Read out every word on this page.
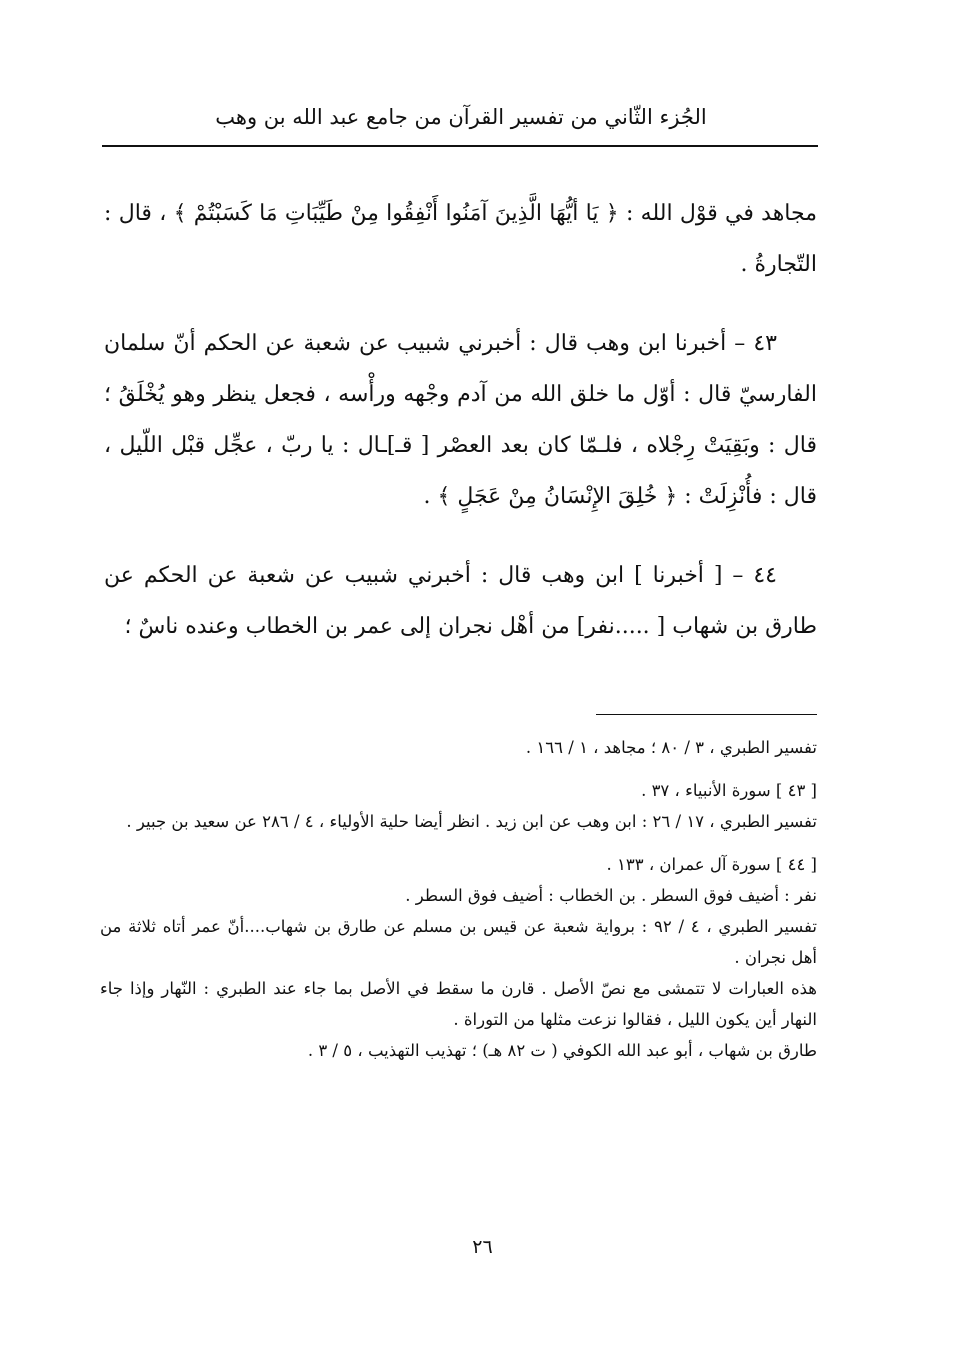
الجُزء الثّاني من تفسير القرآن من جامع عبد الله بن وهب

مجاهد في قوْل الله : ﴿ يَا أيُّهَا الَّذِينَ آمَنُوا أَنْفِقُوا مِنْ طَيِّبَاتِ مَا كَسَبْتُمْ ﴾ ، قال : التّجارةُ .

٤٣ – أخبرنا ابن وهب قال : أخبرني شبيب عن شعبة عن الحكم أنّ سلمان الفارسيّ قال : أوّل ما خلق الله من آدم وجْهه ورأْسه ، فجعل ينظر وهو يُخْلَقُ ؛ قال : وبَقِيَتْ رِجْلاه ، فلـمّا كان بعد العصْر [ قـ]ـال : يا ربّ ، عجِّل قبْل اللّيل ، قال : فأُنْزِلَتْ : ﴿ خُلِقَ الإِنْسَانُ مِنْ عَجَلٍ ﴾ .

٤٤ – [ أخبرنا ] ابن وهب قال : أخبرني شبيب عن شعبة عن الحكم عن طارق بن شهاب [ .....نفر] من أهْل نجران إلى عمر بن الخطاب وعنده ناسٌ ؛

تفسير الطبري ، ٣ / ٨٠ ؛ مجاهد ، ١ / ١٦٦ .

[ ٤٣ ] سورة الأنبياء ، ٣٧ .

تفسير الطبري ، ١٧ / ٢٦ : ابن وهب عن ابن زيد . انظر أيضا حلية الأولياء ، ٤ / ٢٨٦ عن سعيد بن جبير .

[ ٤٤ ] سورة آل عمران ، ١٣٣ .

نفر : أضيف فوق السطر . بن الخطاب : أضيف فوق السطر .

تفسير الطبري ، ٤ / ٩٢ : برواية شعبة عن قيس بن مسلم عن طارق بن شهاب....أنّ عمر أتاه ثلاثة من أهل نجران .

هذه العبارات لا تتمشى مع نصّ الأصل . قارن ما سقط في الأصل بما جاء عند الطبري : النّهار وإذا جاء النهار أين يكون الليل ، فقالوا نزعت مثلها من التوراة .

طارق بن شهاب ، أبو عبد الله الكوفي ( ت ٨٢ هـ) ؛ تهذيب التهذيب ، ٥ / ٣ .

٢٦
